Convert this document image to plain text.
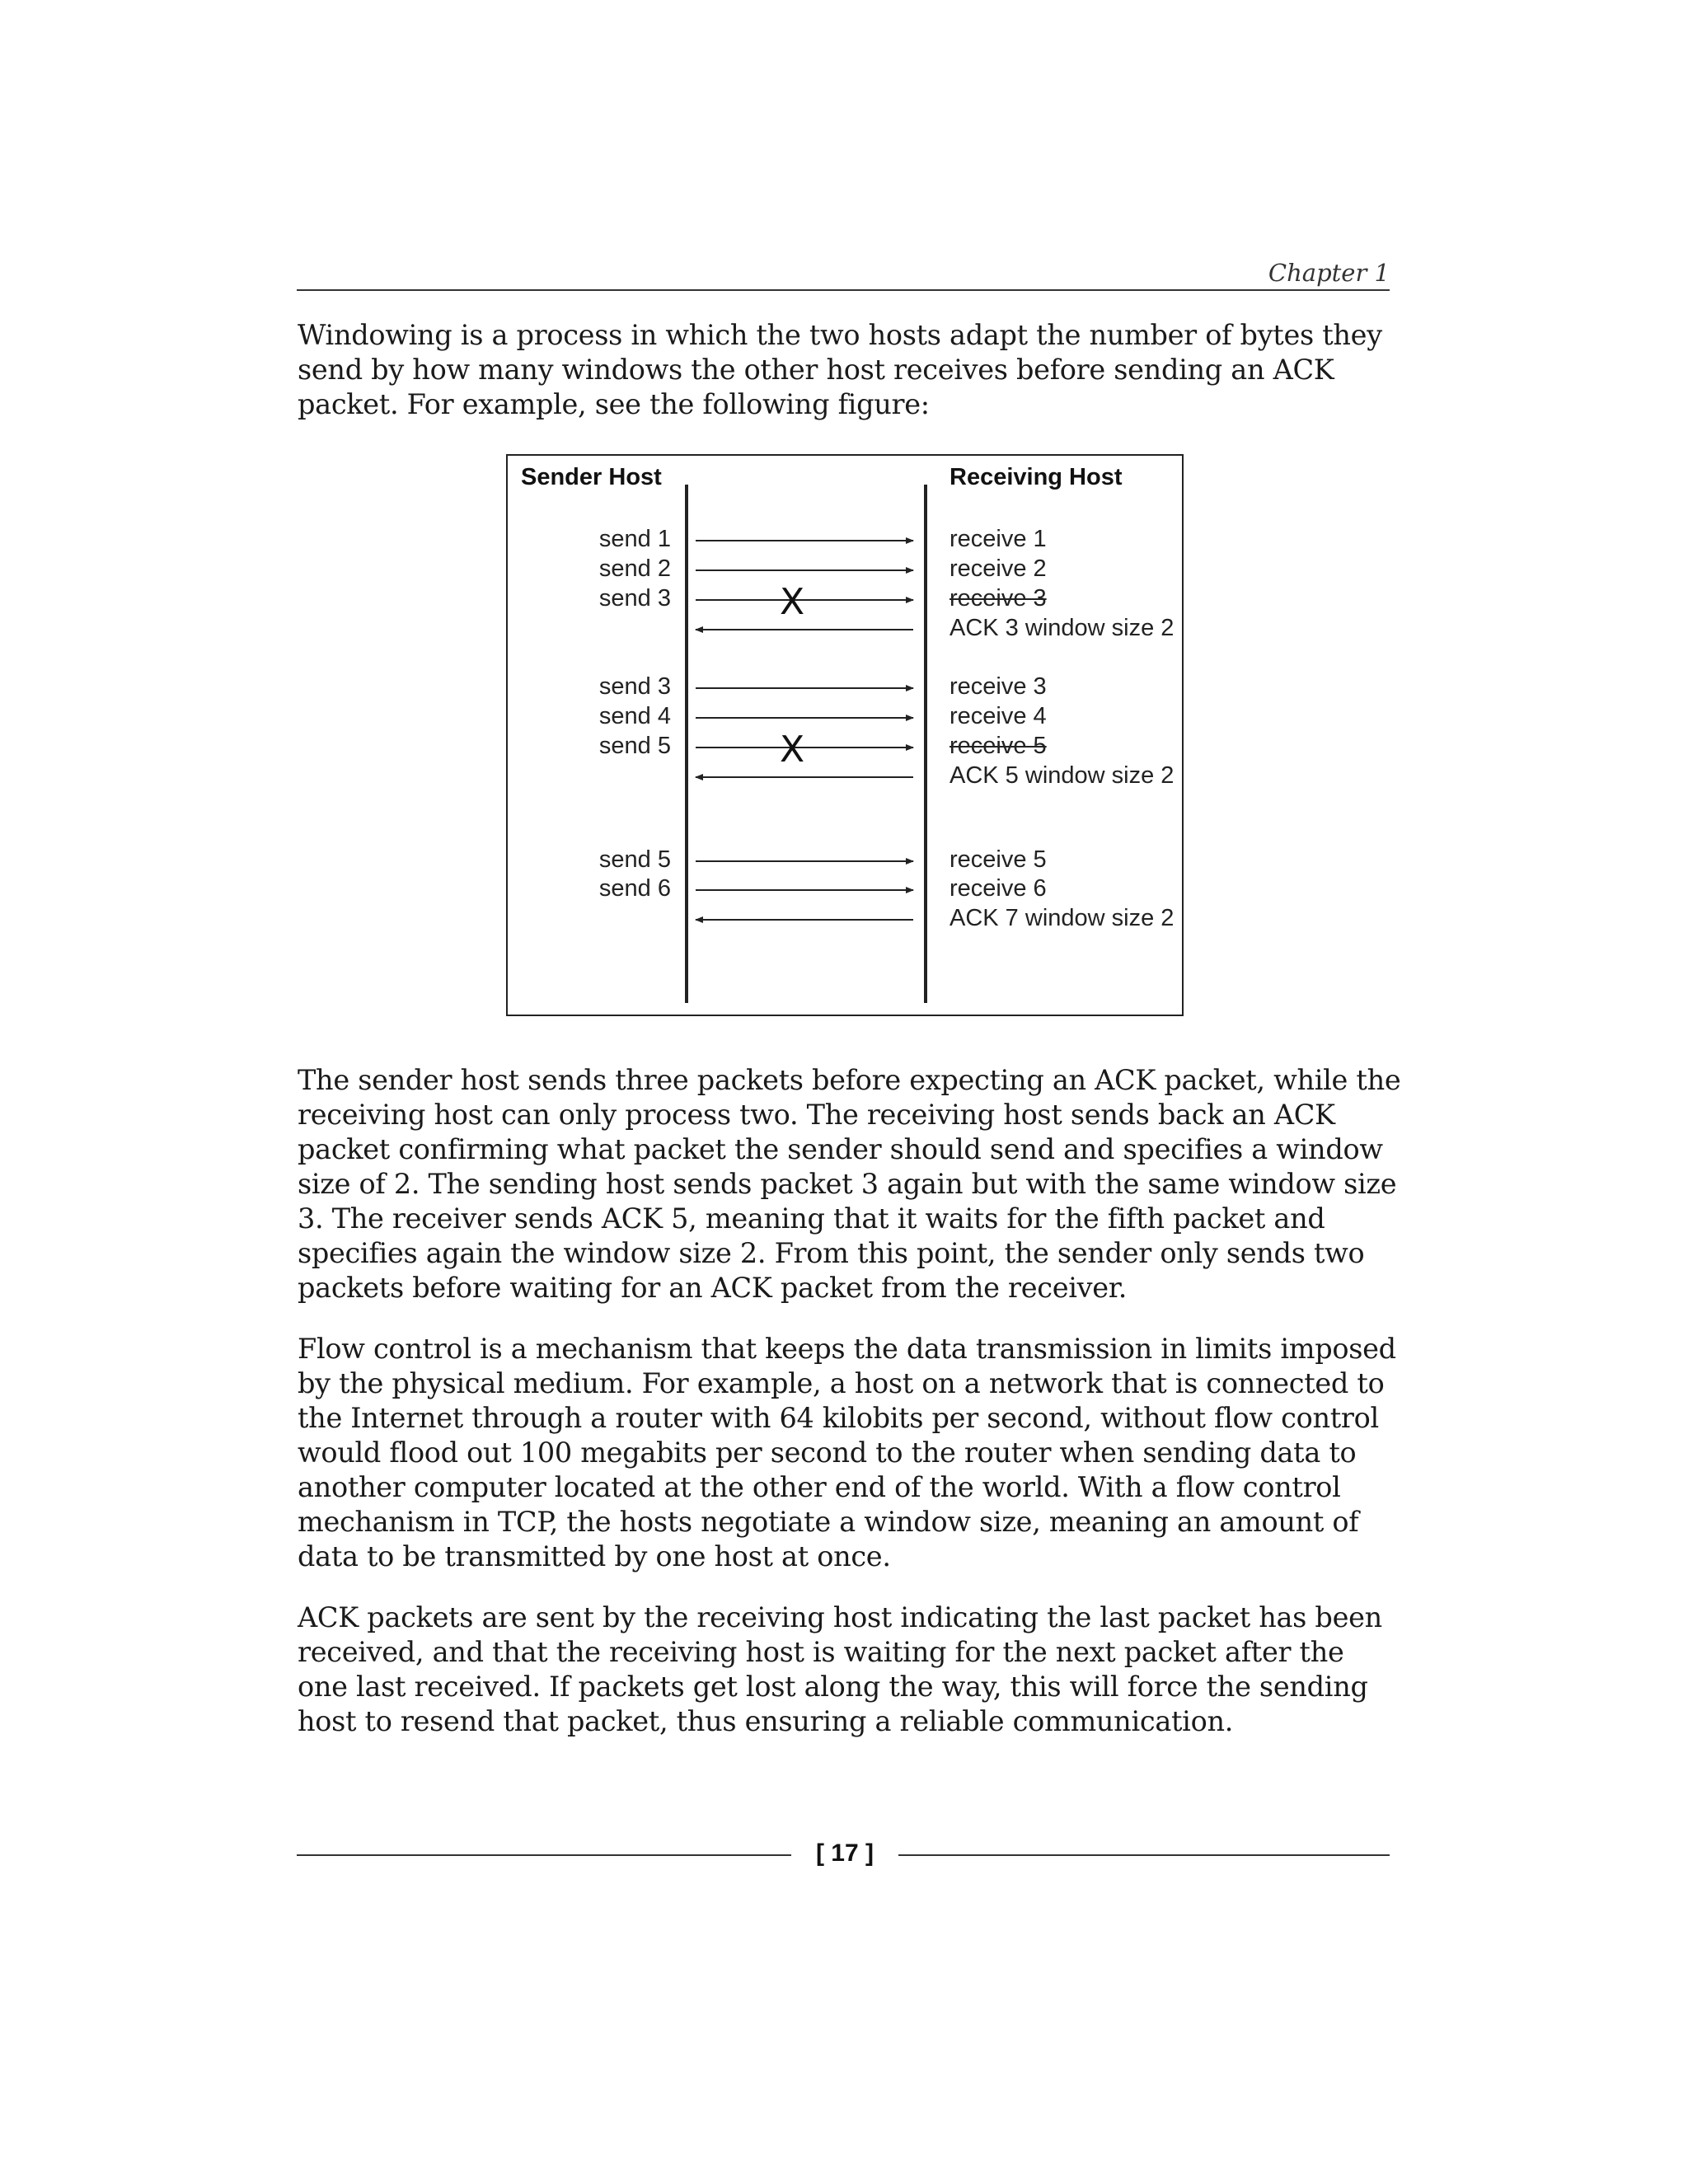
Chapter 1

Windowing is a process in which the two hosts adapt the number of bytes they send by how many windows the other host receives before sending an ACK packet. For example, see the following figure:

Sender Host	Receiving Host
X
X
send 1
send 2
send 3
receive 1
receive 2
receive 3
ACK 3 window size 2
send 3
send 4
send 5
receive 3
receive 4
receive 5
ACK 5 window size 2
send 5
send 6
receive 5
receive 6
ACK 7 window size 2

The sender host sends three packets before expecting an ACK packet, while the receiving host can only process two. The receiving host sends back an ACK packet confirming what packet the sender should send and specifies a window size of 2. The sending host sends packet 3 again but with the same window size 3. The receiver sends ACK 5, meaning that it waits for the fifth packet and specifies again the window size 2. From this point, the sender only sends two packets before waiting for an ACK packet from the receiver.

Flow control is a mechanism that keeps the data transmission in limits imposed by the physical medium. For example, a host on a network that is connected to the Internet through a router with 64 kilobits per second, without flow control would flood out 100 megabits per second to the router when sending data to another computer located at the other end of the world. With a flow control mechanism in TCP, the hosts negotiate a window size, meaning an amount of data to be transmitted by one host at once.

ACK packets are sent by the receiving host indicating the last packet has been received, and that the receiving host is waiting for the next packet after the one last received. If packets get lost along the way, this will force the sending host to resend that packet, thus ensuring a reliable communication.

[ 17 ]
